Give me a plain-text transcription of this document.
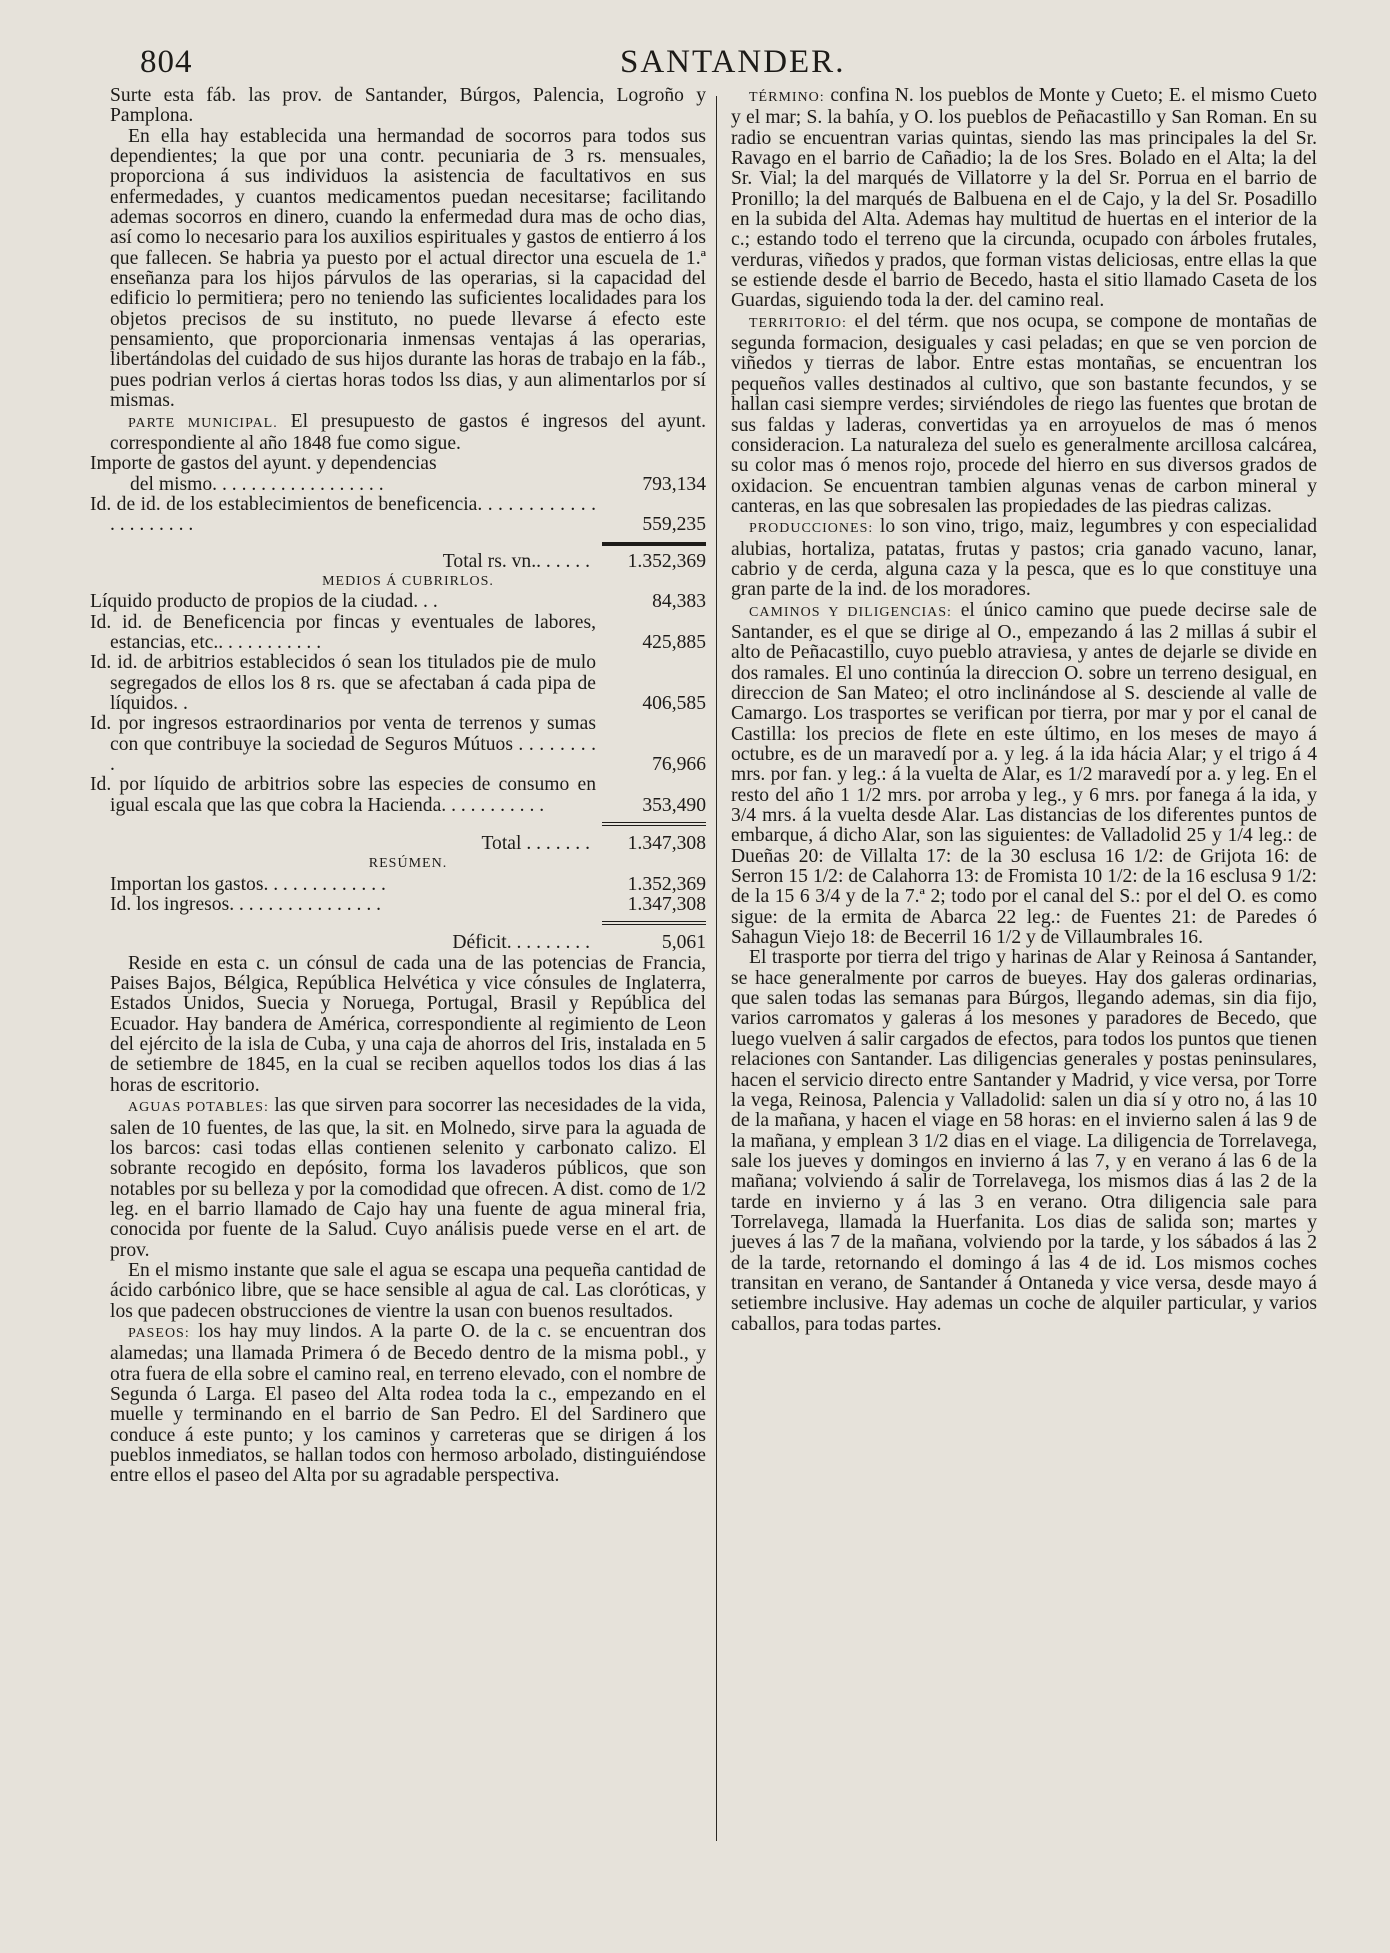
804	SANTANDER.

Surte esta fáb. las prov. de Santander, Búrgos, Palencia, Logroño y Pamplona.

En ella hay establecida una hermandad de socorros para todos sus dependientes; la que por una contr. pecuniaria de 3 rs. mensuales, proporciona á sus individuos la asistencia de facultativos en sus enfermedades, y cuantos medicamentos puedan necesitarse; facilitando ademas socorros en dinero, cuando la enfermedad dura mas de ocho dias, así como lo necesario para los auxilios espirituales y gastos de entierro á los que fallecen. Se habria ya puesto por el actual director una escuela de 1.ª enseñanza para los hijos párvulos de las operarias, si la capacidad del edificio lo permitiera; pero no teniendo las suficientes localidades para los objetos precisos de su instituto, no puede llevarse á efecto este pensamiento, que proporcionaria inmensas ventajas á las operarias, libertándolas del cuidado de sus hijos durante las horas de trabajo en la fáb., pues podrian verlos á ciertas horas todos lss dias, y aun alimentarlos por sí mismas.

PARTE MUNICIPAL. El presupuesto de gastos é ingresos del ayunt. correspondiente al año 1848 fue como sigue.

Importe de gastos del ayunt. y dependencias	
del mismo. . . . . . . . . . . . . . . . . .	793,134
Id. de id. de los establecimientos de beneficencia. . . . . . . . . . . . . . . . . . . . .	559,235

Total rs. vn.. . . . . .	1.352,369

MEDIOS Á CUBRIRLOS.

Líquido producto de propios de la ciudad. . .	84,383
Id. id. de Beneficencia por fincas y eventuales de labores, estancias, etc.. . . . . . . . . . .	425,885
Id. id. de arbitrios establecidos ó sean los titulados pie de mulo segregados de ellos los 8 rs. que se afectaban á cada pipa de líquidos. .	406,585
Id. por ingresos estraordinarios por venta de terrenos y sumas con que contribuye la sociedad de Seguros Mútuos . . . . . . . . .	76,966
Id. por líquido de arbitrios sobre las especies de consumo en igual escala que las que cobra la Hacienda. . . . . . . . . . .	353,490

Total . . . . . . .	1.347,308

RESÚMEN.

Importan los gastos. . . . . . . . . . . . .	1.352,369
Id. los ingresos. . . . . . . . . . . . . . . .	1.347,308

Déficit. . . . . . . . .	5,061

Reside en esta c. un cónsul de cada una de las potencias de Francia, Paises Bajos, Bélgica, República Helvética y vice cónsules de Inglaterra, Estados Unidos, Suecia y Noruega, Portugal, Brasil y República del Ecuador. Hay bandera de América, correspondiente al regimiento de Leon del ejército de la isla de Cuba, y una caja de ahorros del Iris, instalada en 5 de setiembre de 1845, en la cual se reciben aquellos todos los dias á las horas de escritorio.

AGUAS POTABLES: las que sirven para socorrer las necesidades de la vida, salen de 10 fuentes, de las que, la sit. en Molnedo, sirve para la aguada de los barcos: casi todas ellas contienen selenito y carbonato calizo. El sobrante recogido en depósito, forma los lavaderos públicos, que son notables por su belleza y por la comodidad que ofrecen. A dist. como de 1/2 leg. en el barrio llamado de Cajo hay una fuente de agua mineral fria, conocida por fuente de la Salud. Cuyo análisis puede verse en el art. de prov.

En el mismo instante que sale el agua se escapa una pequeña cantidad de ácido carbónico libre, que se hace sensible al agua de cal. Las cloróticas, y los que padecen obstrucciones de vientre la usan con buenos resultados.

PASEOS: los hay muy lindos. A la parte O. de la c. se encuentran dos alamedas; una llamada Primera ó de Becedo dentro de la misma pobl., y otra fuera de ella sobre el camino real, en terreno elevado, con el nombre de Segunda ó Larga. El paseo del Alta rodea toda la c., empezando en el muelle y terminando en el barrio de San Pedro. El del Sardinero que conduce á este punto; y los caminos y carreteras que se dirigen á los pueblos inmediatos, se hallan todos con hermoso arbolado, distinguiéndose entre ellos el paseo del Alta por su agradable perspectiva.

TÉRMINO: confina N. los pueblos de Monte y Cueto; E. el mismo Cueto y el mar; S. la bahía, y O. los pueblos de Peñacastillo y San Roman. En su radio se encuentran varias quintas, siendo las mas principales la del Sr. Ravago en el barrio de Cañadio; la de los Sres. Bolado en el Alta; la del Sr. Vial; la del marqués de Villatorre y la del Sr. Porrua en el barrio de Pronillo; la del marqués de Balbuena en el de Cajo, y la del Sr. Posadillo en la subida del Alta. Ademas hay multitud de huertas en el interior de la c.; estando todo el terreno que la circunda, ocupado con árboles frutales, verduras, viñedos y prados, que forman vistas deliciosas, entre ellas la que se estiende desde el barrio de Becedo, hasta el sitio llamado Caseta de los Guardas, siguiendo toda la der. del camino real.

TERRITORIO: el del térm. que nos ocupa, se compone de montañas de segunda formacion, desiguales y casi peladas; en que se ven porcion de viñedos y tierras de labor. Entre estas montañas, se encuentran los pequeños valles destinados al cultivo, que son bastante fecundos, y se hallan casi siempre verdes; sirviéndoles de riego las fuentes que brotan de sus faldas y laderas, convertidas ya en arroyuelos de mas ó menos consideracion. La naturaleza del suelo es generalmente arcillosa calcárea, su color mas ó menos rojo, procede del hierro en sus diversos grados de oxidacion. Se encuentran tambien algunas venas de carbon mineral y canteras, en las que sobresalen las propiedades de las piedras calizas.

PRODUCCIONES: lo son vino, trigo, maiz, legumbres y con especialidad alubias, hortaliza, patatas, frutas y pastos; cria ganado vacuno, lanar, cabrio y de cerda, alguna caza y la pesca, que es lo que constituye una gran parte de la ind. de los moradores.

CAMINOS Y DILIGENCIAS: el único camino que puede decirse sale de Santander, es el que se dirige al O., empezando á las 2 millas á subir el alto de Peñacastillo, cuyo pueblo atraviesa, y antes de dejarle se divide en dos ramales. El uno continúa la direccion O. sobre un terreno desigual, en direccion de San Mateo; el otro inclinándose al S. desciende al valle de Camargo. Los trasportes se verifican por tierra, por mar y por el canal de Castilla: los precios de flete en este último, en los meses de mayo á octubre, es de un maravedí por a. y leg. á la ida hácia Alar; y el trigo á 4 mrs. por fan. y leg.: á la vuelta de Alar, es 1/2 maravedí por a. y leg. En el resto del año 1 1/2 mrs. por arroba y leg., y 6 mrs. por fanega á la ida, y 3/4 mrs. á la vuelta desde Alar. Las distancias de los diferentes puntos de embarque, á dicho Alar, son las siguientes: de Valladolid 25 y 1/4 leg.: de Dueñas 20: de Villalta 17: de la 30 esclusa 16 1/2: de Grijota 16: de Serron 15 1/2: de Calahorra 13: de Fromista 10 1/2: de la 16 esclusa 9 1/2: de la 15 6 3/4 y de la 7.ª 2; todo por el canal del S.: por el del O. es como sigue: de la ermita de Abarca 22 leg.: de Fuentes 21: de Paredes ó Sahagun Viejo 18: de Becerril 16 1/2 y de Villaumbrales 16.

El trasporte por tierra del trigo y harinas de Alar y Reinosa á Santander, se hace generalmente por carros de bueyes. Hay dos galeras ordinarias, que salen todas las semanas para Búrgos, llegando ademas, sin dia fijo, varios carromatos y galeras á los mesones y paradores de Becedo, que luego vuelven á salir cargados de efectos, para todos los puntos que tienen relaciones con Santander. Las diligencias generales y postas peninsulares, hacen el servicio directo entre Santander y Madrid, y vice versa, por Torre la vega, Reinosa, Palencia y Valladolid: salen un dia sí y otro no, á las 10 de la mañana, y hacen el viage en 58 horas: en el invierno salen á las 9 de la mañana, y emplean 3 1/2 dias en el viage. La diligencia de Torrelavega, sale los jueves y domingos en invierno á las 7, y en verano á las 6 de la mañana; volviendo á salir de Torrelavega, los mismos dias á las 2 de la tarde en invierno y á las 3 en verano. Otra diligencia sale para Torrelavega, llamada la Huerfanita. Los dias de salida son; martes y jueves á las 7 de la mañana, volviendo por la tarde, y los sábados á las 2 de la tarde, retornando el domingo á las 4 de id. Los mismos coches transitan en verano, de Santander á Ontaneda y vice versa, desde mayo á setiembre inclusive. Hay ademas un coche de alquiler particular, y varios caballos, para todas partes.
